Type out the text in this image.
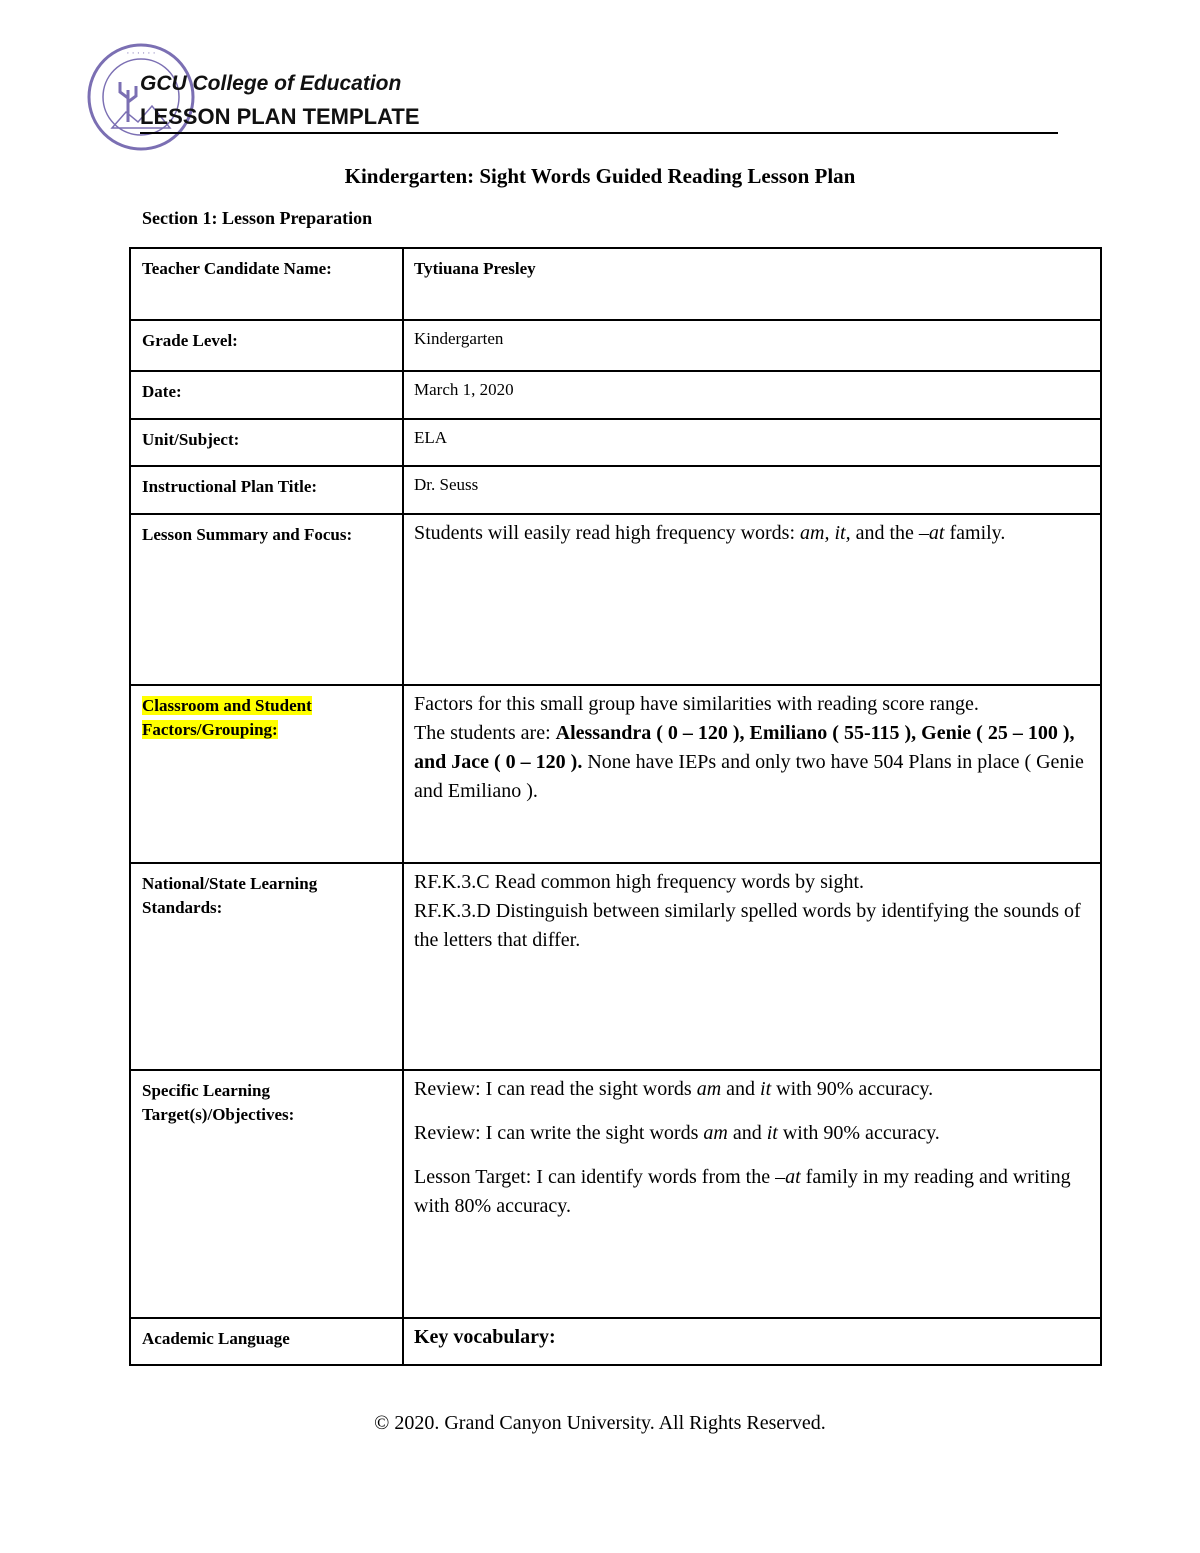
· · · · · ·
GCU College of Education
LESSON PLAN TEMPLATE
Kindergarten: Sight Words Guided Reading Lesson Plan
Section 1: Lesson Preparation
Teacher Candidate Name:	Tytiuana Presley
Grade Level:	Kindergarten
Date:	March 1, 2020
Unit/Subject:	ELA
Instructional Plan Title:	Dr. Seuss
Lesson Summary and Focus:	Students will easily read high frequency words: am, it, and the –at family.
Classroom and Student Factors/Grouping:	Factors for this small group have similarities with reading score range.
The students are: Alessandra ( 0 – 120 ), Emiliano ( 55-115 ), Genie ( 25 – 100 ), and Jace ( 0 – 120 ). None have IEPs and only two have 504 Plans in place ( Genie and Emiliano ).
National/State Learning Standards:	RF.K.3.C Read common high frequency words by sight.
RF.K.3.D Distinguish between similarly spelled words by identifying the sounds of the letters that differ.
Specific Learning Target(s)/Objectives:	Review: I can read the sight words am and it with 90% accuracy.
Review: I can write the sight words am and it with 90% accuracy.
Lesson Target: I can identify words from the –at family in my reading and writing with 80% accuracy.
Academic Language	Key vocabulary:
© 2020. Grand Canyon University. All Rights Reserved.
